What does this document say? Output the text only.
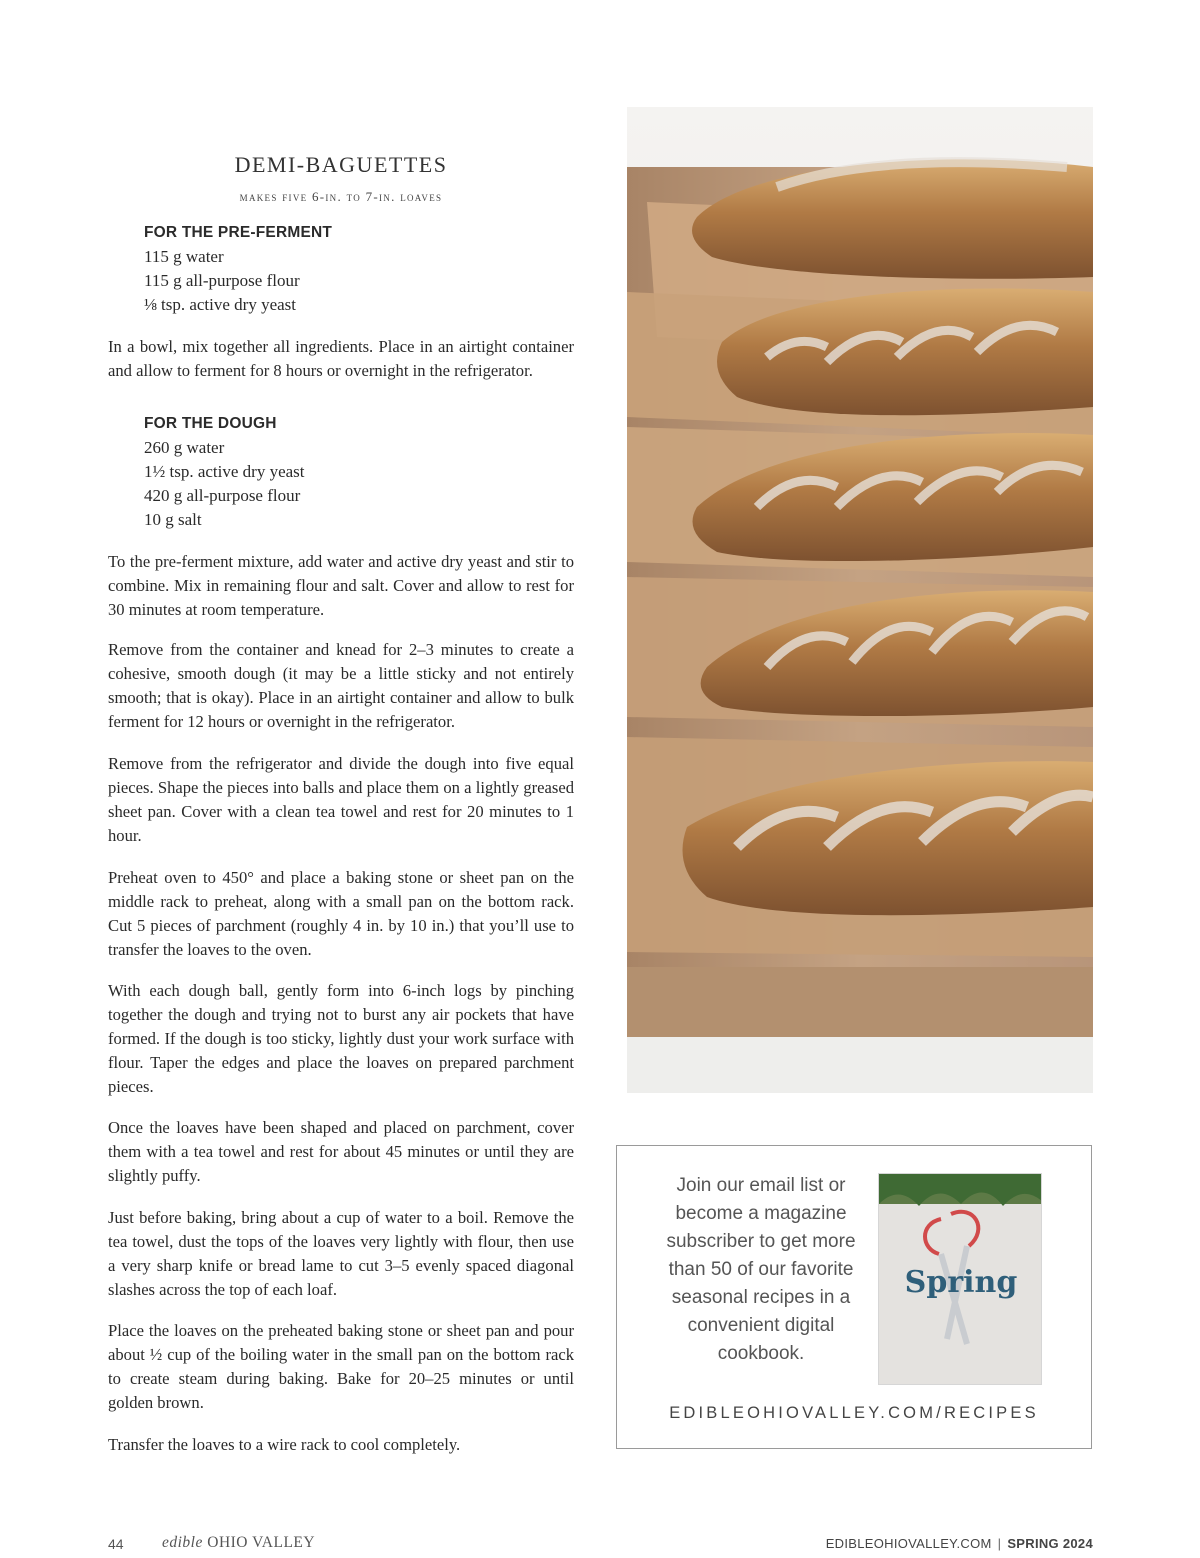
DEMI-BAGUETTES
makes five 6-in. to 7-in. loaves
FOR THE PRE-FERMENT
115 g water
115 g all-purpose flour
⅛ tsp. active dry yeast

In a bowl, mix together all ingredients. Place in an airtight container and allow to ferment for 8 hours or overnight in the refrigerator.

FOR THE DOUGH
260 g water
1½ tsp. active dry yeast
420 g all-purpose flour
10 g salt

To the pre-ferment mixture, add water and active dry yeast and stir to combine. Mix in remaining flour and salt. Cover and allow to rest for 30 minutes at room temperature.

Remove from the container and knead for 2–3 minutes to create a cohesive, smooth dough (it may be a little sticky and not entirely smooth; that is okay). Place in an airtight container and allow to bulk ferment for 12 hours or overnight in the refrigerator.

Remove from the refrigerator and divide the dough into five equal pieces. Shape the pieces into balls and place them on a lightly greased sheet pan. Cover with a clean tea towel and rest for 20 minutes to 1 hour.

Preheat oven to 450° and place a baking stone or sheet pan on the middle rack to preheat, along with a small pan on the bottom rack. Cut 5 pieces of parchment (roughly 4 in. by 10 in.) that you’ll use to transfer the loaves to the oven.

With each dough ball, gently form into 6-inch logs by pinching together the dough and trying not to burst any air pockets that have formed. If the dough is too sticky, lightly dust your work surface with flour. Taper the edges and place the loaves on prepared parchment pieces.

Once the loaves have been shaped and placed on parchment, cover them with a tea towel and rest for about 45 minutes or until they are slightly puffy.

Just before baking, bring about a cup of water to a boil. Remove the tea towel, dust the tops of the loaves very lightly with flour, then use a very sharp knife or bread lame to cut 3–5 evenly spaced diagonal slashes across the top of each loaf.

Place the loaves on the preheated baking stone or sheet pan and pour about ½ cup of the boiling water in the small pan on the bottom rack to create steam during baking. Bake for 20–25 minutes or until golden brown.

Transfer the loaves to a wire rack to cool completely.

Join our email list or become a magazine subscriber to get more than 50 of our favorite seasonal recipes in a convenient digital cookbook.

Spring
EDIBLEOHIOVALLEY.COM/RECIPES
44 edible OHIO VALLEY	EDIBLEOHIOVALLEY.COM | SPRING 2024
